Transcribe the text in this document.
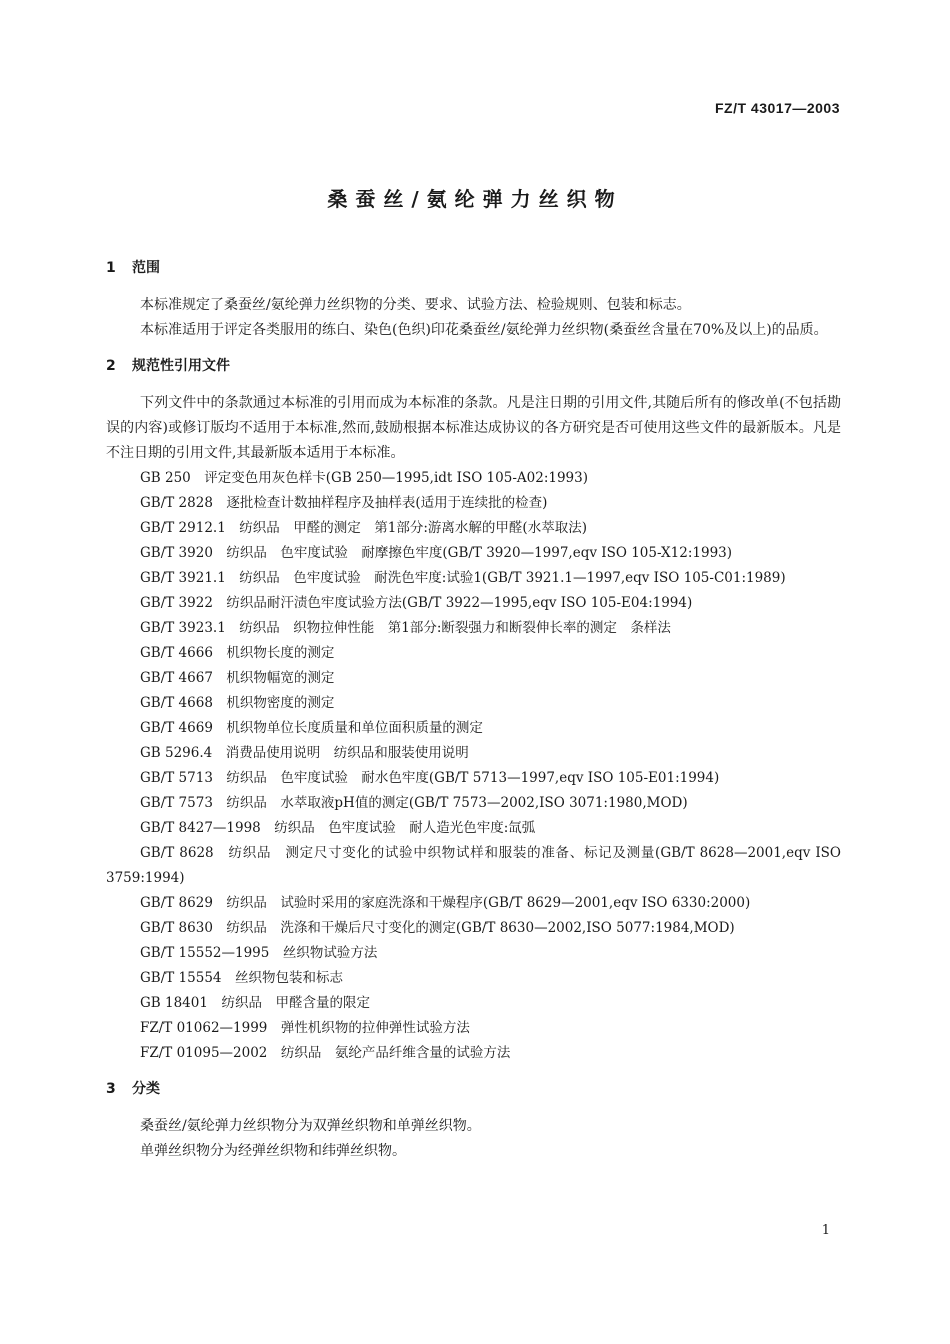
FZ/T 43017—2003
桑蚕丝/氨纶弹力丝织物
1 范围

本标准规定了桑蚕丝/氨纶弹力丝织物的分类、要求、试验方法、检验规则、包装和标志。

本标准适用于评定各类服用的练白、染色(色织)印花桑蚕丝/氨纶弹力丝织物(桑蚕丝含量在70%及以上)的品质。

2 规范性引用文件

下列文件中的条款通过本标准的引用而成为本标准的条款。凡是注日期的引用文件,其随后所有的修改单(不包括勘误的内容)或修订版均不适用于本标准,然而,鼓励根据本标准达成协议的各方研究是否可使用这些文件的最新版本。凡是不注日期的引用文件,其最新版本适用于本标准。

GB 250　评定变色用灰色样卡(GB 250—1995,idt ISO 105-A02:1993)

GB/T 2828　逐批检查计数抽样程序及抽样表(适用于连续批的检查)

GB/T 2912.1　纺织品　甲醛的测定　第1部分:游离水解的甲醛(水萃取法)

GB/T 3920　纺织品　色牢度试验　耐摩擦色牢度(GB/T 3920—1997,eqv ISO 105-X12:1993)

GB/T 3921.1　纺织品　色牢度试验　耐洗色牢度:试验1(GB/T 3921.1—1997,eqv ISO 105-C01:1989)

GB/T 3922　纺织品耐汗渍色牢度试验方法(GB/T 3922—1995,eqv ISO 105-E04:1994)

GB/T 3923.1　纺织品　织物拉伸性能　第1部分:断裂强力和断裂伸长率的测定　条样法

GB/T 4666　机织物长度的测定

GB/T 4667　机织物幅宽的测定

GB/T 4668　机织物密度的测定

GB/T 4669　机织物单位长度质量和单位面积质量的测定

GB 5296.4　消费品使用说明　纺织品和服装使用说明

GB/T 5713　纺织品　色牢度试验　耐水色牢度(GB/T 5713—1997,eqv ISO 105-E01:1994)

GB/T 7573　纺织品　水萃取液pH值的测定(GB/T 7573—2002,ISO 3071:1980,MOD)

GB/T 8427—1998　纺织品　色牢度试验　耐人造光色牢度:氙弧

GB/T 8628　纺织品　测定尺寸变化的试验中织物试样和服装的准备、标记及测量(GB/T 8628—2001,eqv ISO 3759:1994)

GB/T 8629　纺织品　试验时采用的家庭洗涤和干燥程序(GB/T 8629—2001,eqv ISO 6330:2000)

GB/T 8630　纺织品　洗涤和干燥后尺寸变化的测定(GB/T 8630—2002,ISO 5077:1984,MOD)

GB/T 15552—1995　丝织物试验方法

GB/T 15554　丝织物包装和标志

GB 18401　纺织品　甲醛含量的限定

FZ/T 01062—1999　弹性机织物的拉伸弹性试验方法

FZ/T 01095—2002　纺织品　氨纶产品纤维含量的试验方法

3 分类

桑蚕丝/氨纶弹力丝织物分为双弹丝织物和单弹丝织物。

单弹丝织物分为经弹丝织物和纬弹丝织物。

1
